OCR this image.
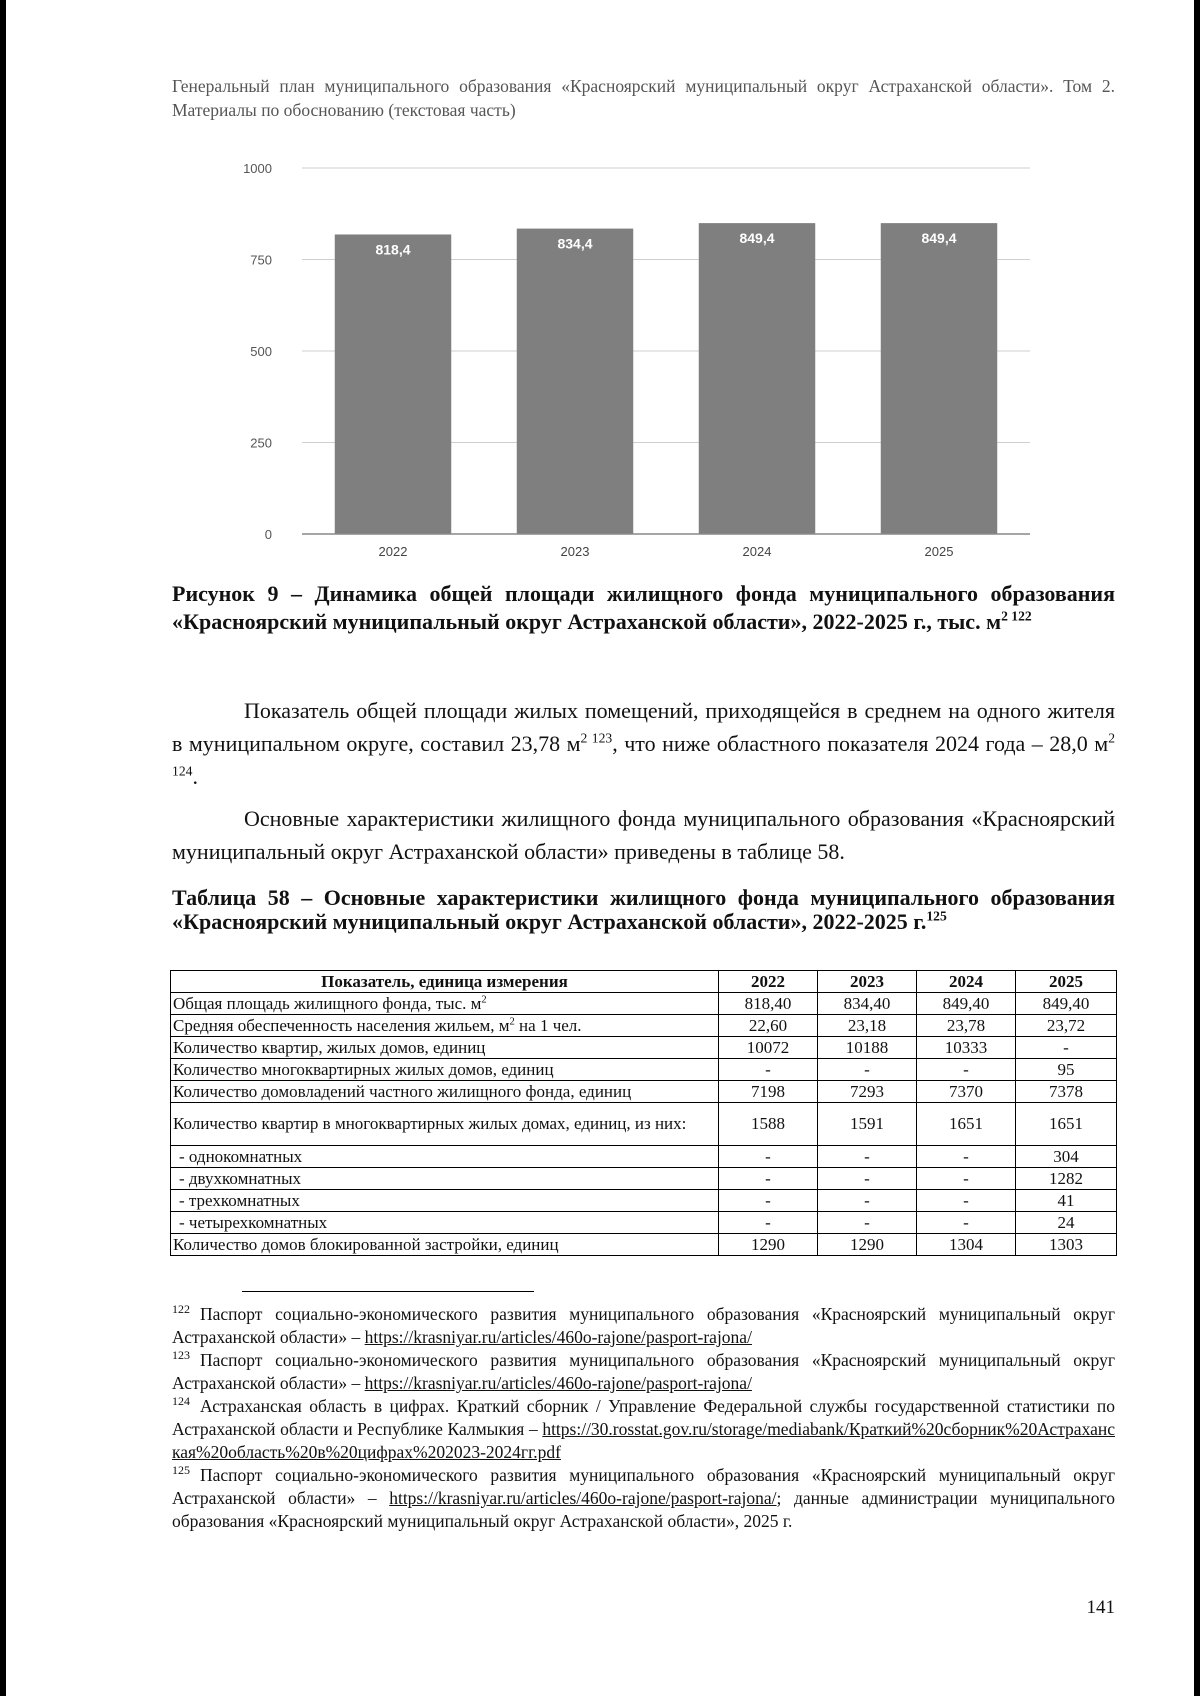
Генеральный план муниципального образования «Красноярский муниципальный округ Астраханской области». Том 2. Материалы по обоснованию (текстовая часть)
0
250
500
750
1000
818,4
2022
834,4
2023
849,4
2024
849,4
2025
Рисунок 9 – Динамика общей площади жилищного фонда муниципального образования «Красноярский муниципальный округ Астраханской области», 2022-2025 г., тыс. $м^2$ $^{122}$

Показатель общей площади жилых помещений, приходящейся в среднем на одного жителя в муниципальном округе, составил 23,78 $м^2$ $^{123}$, что ниже областного показателя 2024 года – 28,0 $м^2$ $^{124}$.

Основные характеристики жилищного фонда муниципального образования «Красноярский муниципальный округ Астраханской области» приведены в таблице 58.

Таблица 58 – Основные характеристики жилищного фонда муниципального образования «Красноярский муниципальный округ Астраханской области», 2022-2025 г.$^{125}$
Показатель, единица измерения	2022	2023	2024	2025
Общая площадь жилищного фонда, тыс. $м^2$	818,40	834,40	849,40	849,40
Средняя обеспеченность населения жильем, $м^2$ на 1 чел.	22,60	23,18	23,78	23,72
Количество квартир, жилых домов, единиц	10072	10188	10333	-
Количество многоквартирных жилых домов, единиц	-	-	-	95
Количество домовладений частного жилищного фонда, единиц	7198	7293	7370	7378
Количество квартир в многоквартирных жилых домах, единиц, из них:	1588	1591	1651	1651
- однокомнатных	-	-	-	304
- двухкомнатных	-	-	-	1282
- трехкомнатных	-	-	-	41
- четырехкомнатных	-	-	-	24
Количество домов блокированной застройки, единиц	1290	1290	1304	1303
$^{122}$ Паспорт социально-экономического развития муниципального образования «Красноярский муниципальный округ Астраханской области» – https://krasniyar.ru/articles/460o-rajone/pasport-rajona/
$^{123}$ Паспорт социально-экономического развития муниципального образования «Красноярский муниципальный округ Астраханской области» – https://krasniyar.ru/articles/460o-rajone/pasport-rajona/
$^{124}$ Астраханская область в цифрах. Краткий сборник / Управление Федеральной службы государственной статистики по Астраханской области и Республике Калмыкия – https://30.rosstat.gov.ru/storage/mediabank/Краткий%20сборник%20Астраханская%20область%20в%20цифрах%202023-2024гг.pdf
$^{125}$ Паспорт социально-экономического развития муниципального образования «Красноярский муниципальный округ Астраханской области» – https://krasniyar.ru/articles/460o-rajone/pasport-rajona/; данные администрации муниципального образования «Красноярский муниципальный округ Астраханской области», 2025 г.
141
